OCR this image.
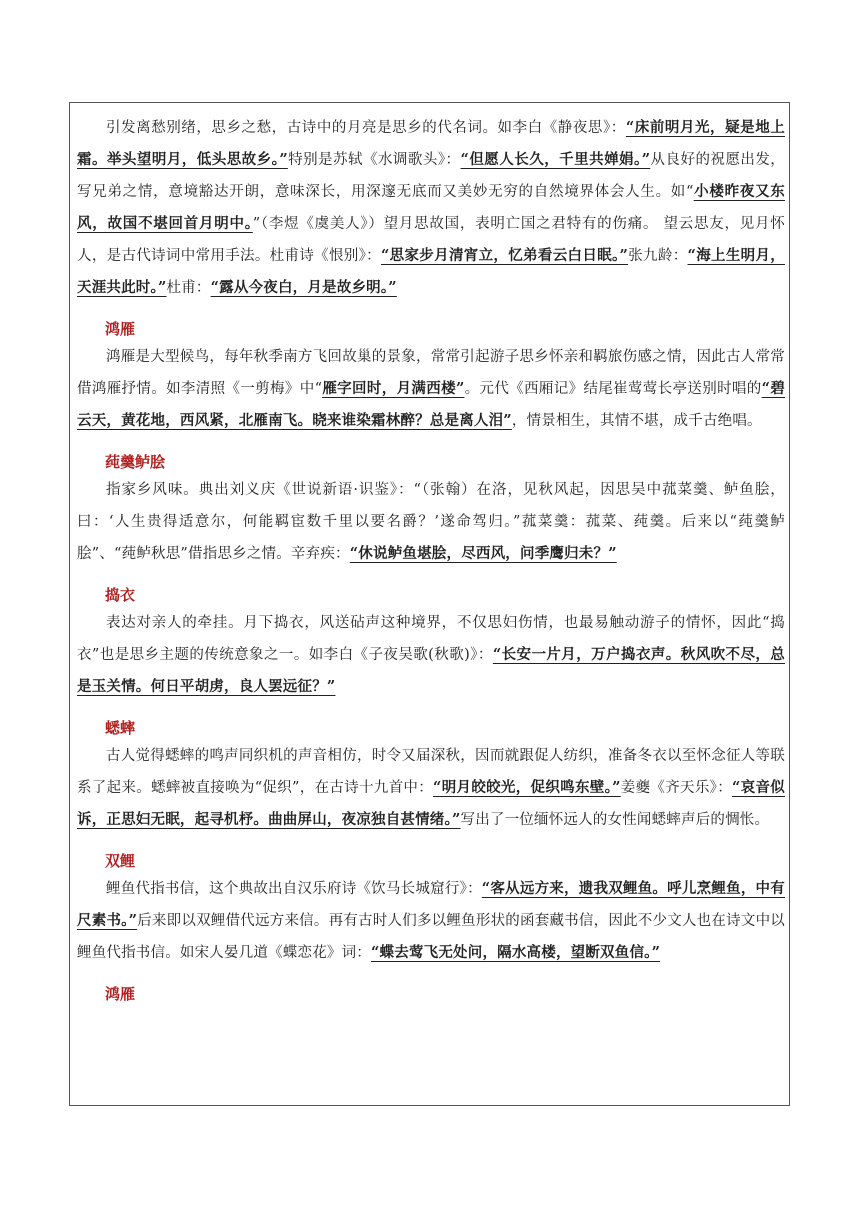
引发离愁别绪，思乡之愁，古诗中的月亮是思乡的代名词。如李白《静夜思》：“床前明月光，疑是地上霜。举头望明月，低头思故乡。”特别是苏轼《水调歌头》：“但愿人长久，千里共婵娟。”从良好的祝愿出发，写兄弟之情，意境豁达开朗，意味深长，用深邃无底而又美妙无穷的自然境界体会人生。如“小楼昨夜又东风，故国不堪回首月明中。”（李煜《虞美人》）望月思故国，表明亡国之君特有的伤痛。 望云思友，见月怀人，是古代诗词中常用手法。杜甫诗《恨别》：“思家步月清宵立，忆弟看云白日眠。”张九龄：“海上生明月，天涯共此时。”杜甫：“露从今夜白，月是故乡明。”

鸿雁

鸿雁是大型候鸟，每年秋季南方飞回故巢的景象，常常引起游子思乡怀亲和羁旅伤感之情，因此古人常常借鸿雁抒情。如李清照《一剪梅》中“雁字回时，月满西楼”。元代《西厢记》结尾崔莺莺长亭送别时唱的“碧云天，黄花地，西风紧，北雁南飞。晓来谁染霜林醉？总是离人泪”，情景相生，其情不堪，成千古绝唱。

莼羹鲈脍

指家乡风味。典出刘义庆《世说新语·识鉴》：“（张翰）在洛，见秋风起，因思吴中菰菜羹、鲈鱼脍，曰：‘人生贵得适意尔，何能羁宦数千里以要名爵？’遂命驾归。”菰菜羹：菰菜、莼羹。后来以“莼羹鲈脍”、“莼鲈秋思”借指思乡之情。辛弃疾：“休说鲈鱼堪脍，尽西风，问季鹰归未？”

捣衣

表达对亲人的牵挂。月下捣衣，风送砧声这种境界，不仅思妇伤情，也最易触动游子的情怀，因此“捣衣”也是思乡主题的传统意象之一。如李白《子夜吴歌(秋歌)》：“长安一片月，万户捣衣声。秋风吹不尽，总是玉关情。何日平胡虏，良人罢远征？”

蟋蟀

古人觉得蟋蟀的鸣声同织机的声音相仿，时令又届深秋，因而就跟促人纺织，准备冬衣以至怀念征人等联系了起来。蟋蟀被直接唤为“促织”，在古诗十九首中：“明月皎皎光，促织鸣东壁。”姜夔《齐天乐》：“哀音似诉，正思妇无眠，起寻机杼。曲曲屏山，夜凉独自甚情绪。”写出了一位缅怀远人的女性闻蟋蟀声后的惆怅。

双鲤

鲤鱼代指书信，这个典故出自汉乐府诗《饮马长城窟行》：“客从远方来，遗我双鲤鱼。呼儿烹鲤鱼，中有尺素书。”后来即以双鲤借代远方来信。再有古时人们多以鲤鱼形状的函套藏书信，因此不少文人也在诗文中以鲤鱼代指书信。如宋人晏几道《蝶恋花》词：“蝶去莺飞无处问，隔水高楼，望断双鱼信。”

鸿雁
